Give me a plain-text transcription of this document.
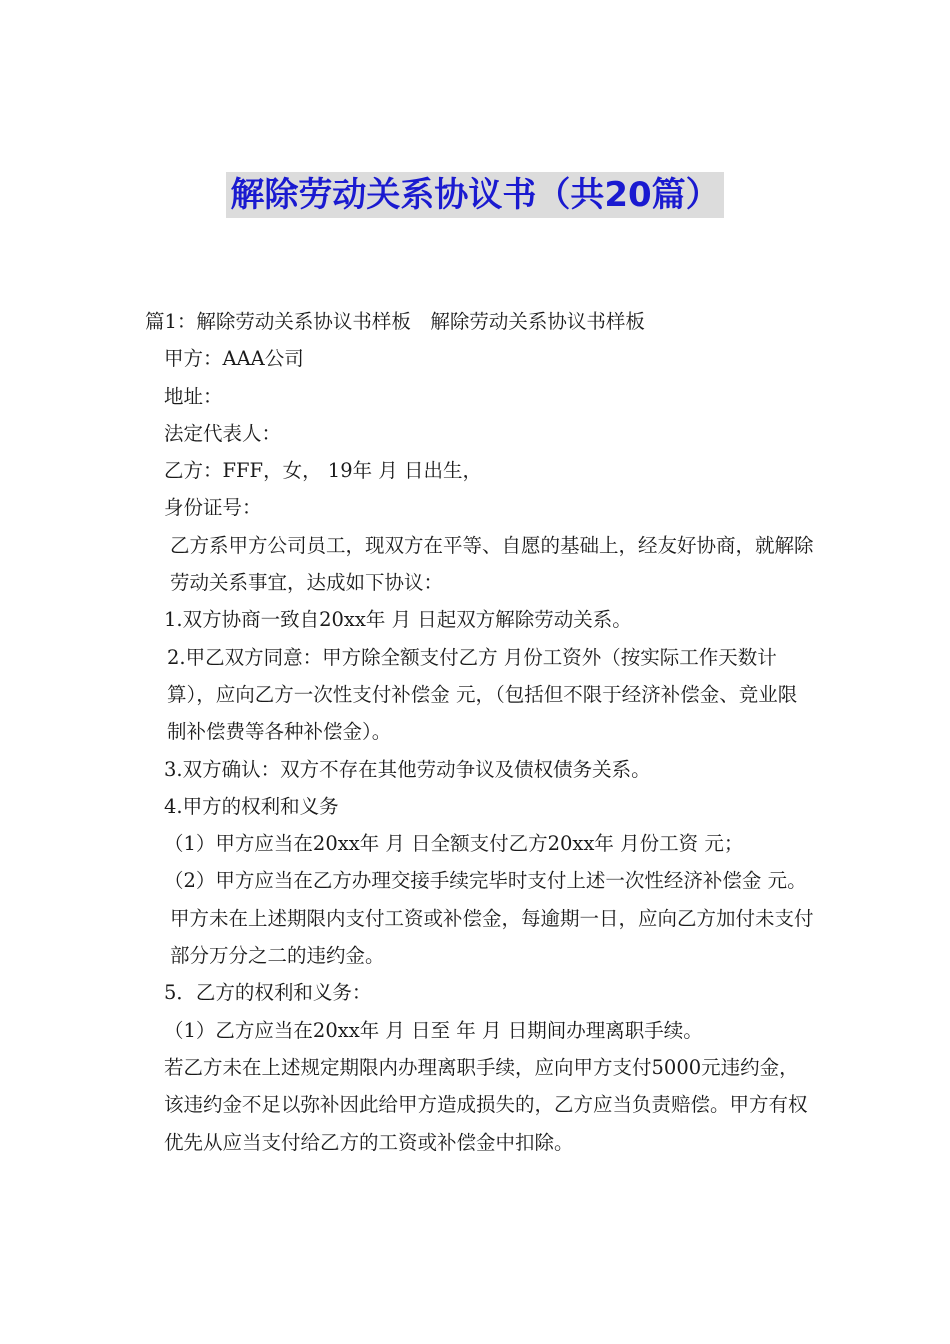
解除劳动关系协议书（共20篇）

篇1：解除劳动关系协议书样板　解除劳动关系协议书样板

甲方：AAA公司

地址：

法定代表人：

乙方：FFF，女， 19年 月 日出生，

身份证号：

乙方系甲方公司员工，现双方在平等、自愿的基础上，经友好协商，就解除劳动关系事宜，达成如下协议：

1.双方协商一致自20xx年 月 日起双方解除劳动关系。

2.甲乙双方同意：甲方除全额支付乙方 月份工资外（按实际工作天数计算），应向乙方一次性支付补偿金 元，（包括但不限于经济补偿金、竞业限制补偿费等各种补偿金）。

3.双方确认：双方不存在其他劳动争议及债权债务关系。

4.甲方的权利和义务

（1）甲方应当在20xx年 月 日全额支付乙方20xx年 月份工资 元；

（2）甲方应当在乙方办理交接手续完毕时支付上述一次性经济补偿金 元。

甲方未在上述期限内支付工资或补偿金，每逾期一日，应向乙方加付未支付部分万分之二的违约金。

5．乙方的权利和义务：

（1）乙方应当在20xx年 月 日至 年 月 日期间办理离职手续。

若乙方未在上述规定期限内办理离职手续，应向甲方支付5000元违约金，该违约金不足以弥补因此给甲方造成损失的，乙方应当负责赔偿。甲方有权优先从应当支付给乙方的工资或补偿金中扣除。
